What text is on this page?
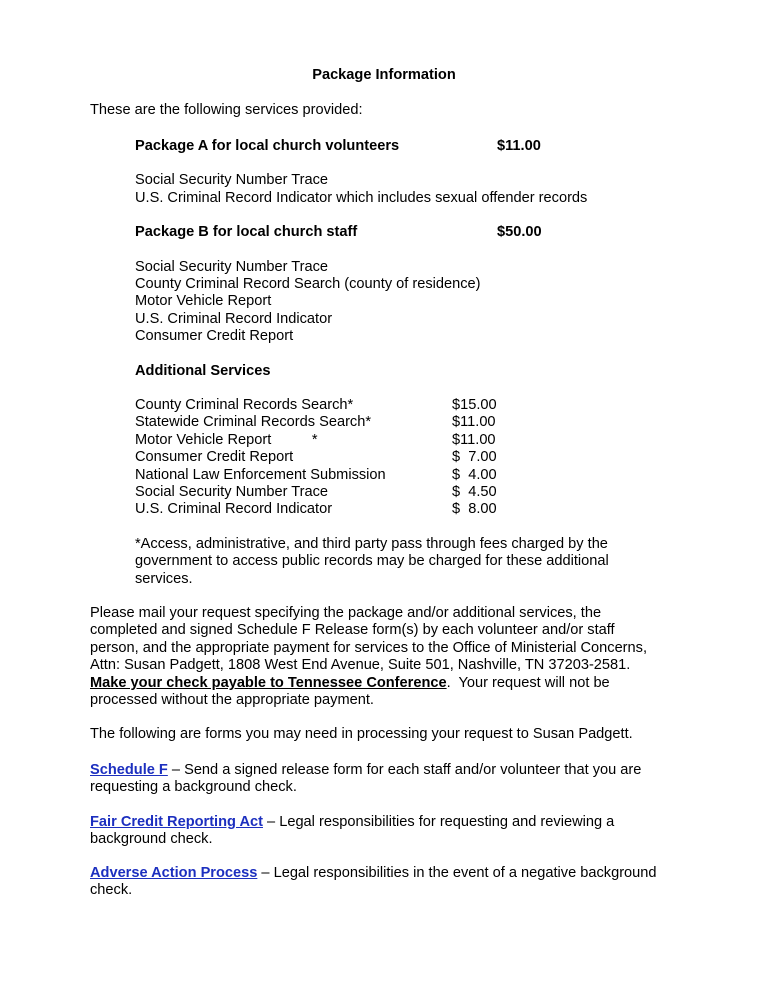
Package Information
These are the following services provided:
Package A for local church volunteers	$11.00
Social Security Number Trace
U.S. Criminal Record Indicator which includes sexual offender records
Package B for local church staff	$50.00
Social Security Number Trace
County Criminal Record Search (county of residence)
Motor Vehicle Report
U.S. Criminal Record Indicator
Consumer Credit Report
Additional Services
County Criminal Records Search*	$15.00
Statewide Criminal Records Search*	$11.00
Motor Vehicle Report          *	$11.00
Consumer Credit Report	$  7.00
National Law Enforcement Submission	$  4.00
Social Security Number Trace	$  4.50
U.S. Criminal Record Indicator	$  8.00
*Access, administrative, and third party pass through fees charged by the
government to access public records may be charged for these additional
services.
Please mail your request specifying the package and/or additional services, the
completed and signed Schedule F Release form(s) by each volunteer and/or staff
person, and the appropriate payment for services to the Office of Ministerial Concerns,
Attn: Susan Padgett, 1808 West End Avenue, Suite 501, Nashville, TN 37203-2581.
Make your check payable to Tennessee Conference.  Your request will not be
processed without the appropriate payment.
The following are forms you may need in processing your request to Susan Padgett.
Schedule F – Send a signed release form for each staff and/or volunteer that you are
requesting a background check.
Fair Credit Reporting Act – Legal responsibilities for requesting and reviewing a
background check.
Adverse Action Process – Legal responsibilities in the event of a negative background
check.
